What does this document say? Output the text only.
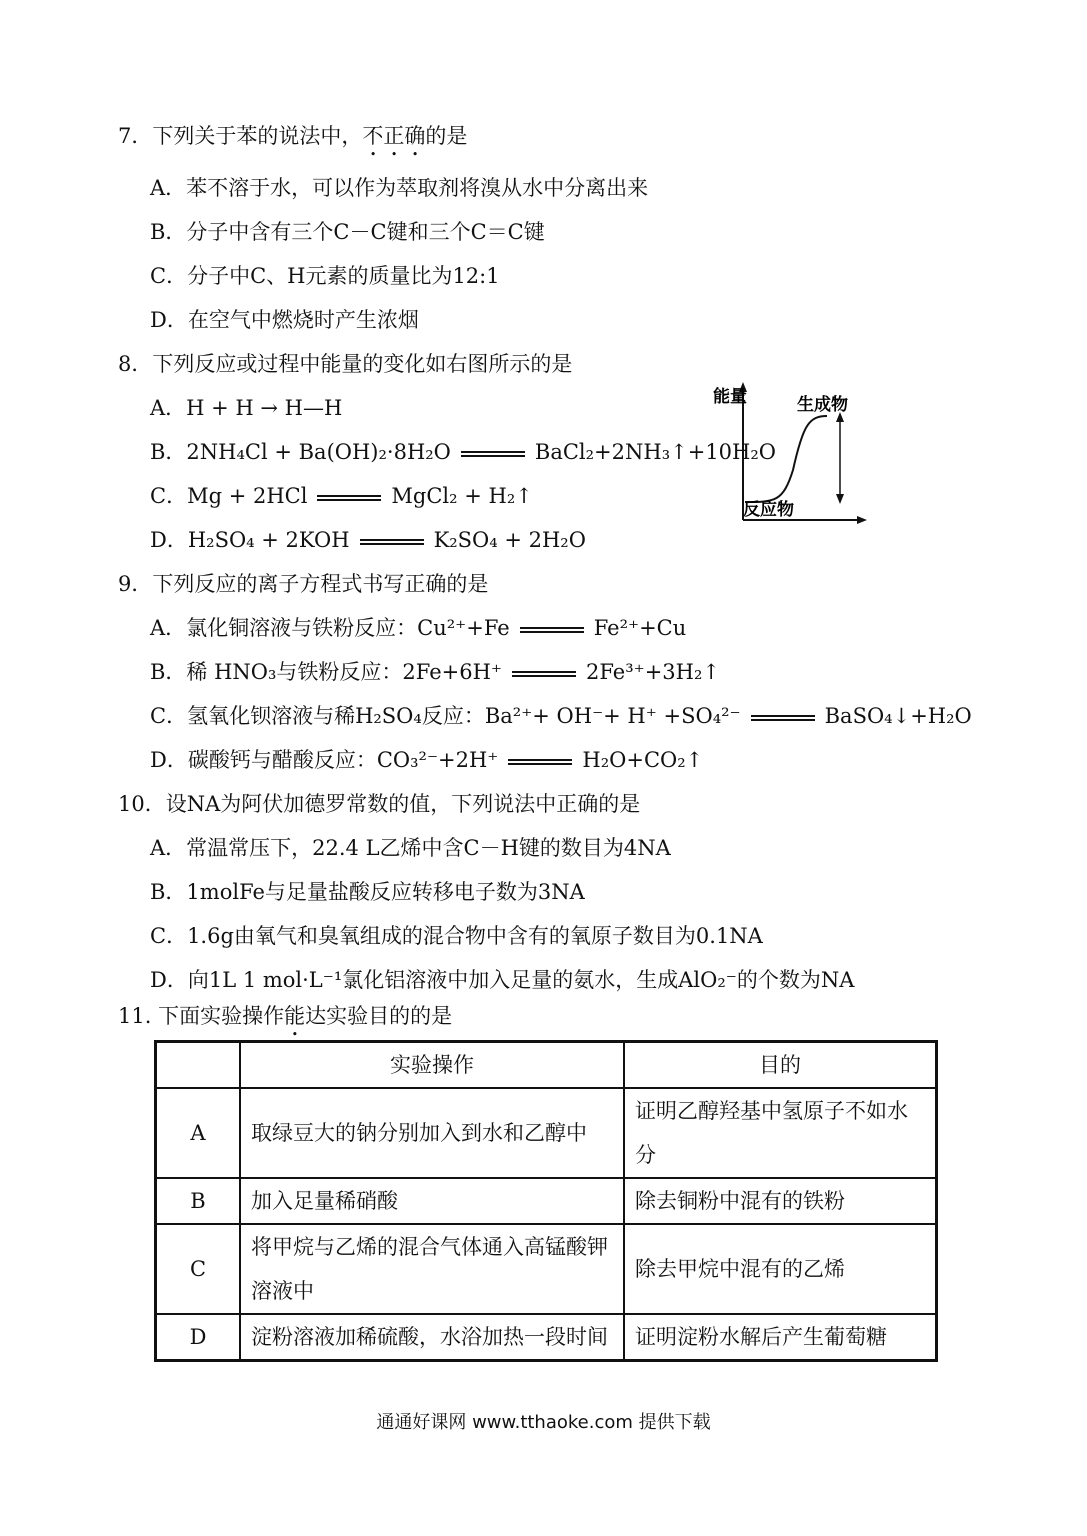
7．下列关于苯的说法中，不正确的是
A．苯不溶于水，可以作为萃取剂将溴从水中分离出来
B．分子中含有三个C－C键和三个C＝C键
C．分子中C、H元素的质量比为12:1
D．在空气中燃烧时产生浓烟
8．下列反应或过程中能量的变化如右图所示的是
A．H + H → H—H
B．2NH₄Cl + Ba(OH)₂·8H₂O	BaCl₂+2NH₃↑+10H₂O
C．Mg + 2HCl	MgCl₂ + H₂↑
D．H₂SO₄ + 2KOH	K₂SO₄ + 2H₂O
能量	生成物
反应物
9．下列反应的离子方程式书写正确的是
A．氯化铜溶液与铁粉反应：Cu²⁺+Fe	Fe²⁺+Cu
B．稀 HNO₃与铁粉反应：2Fe+6H⁺	2Fe³⁺+3H₂↑
C．氢氧化钡溶液与稀H₂SO₄反应：Ba²⁺+ OH⁻+ H⁺ +SO₄²⁻	BaSO₄↓+H₂O
D．碳酸钙与醋酸反应：CO₃²⁻+2H⁺	H₂O+CO₂↑
10．设NA为阿伏加德罗常数的值，下列说法中正确的是
A．常温常压下，22.4 L乙烯中含C－H键的数目为4NA
B．1molFe与足量盐酸反应转移电子数为3NA
C．1.6g由氧气和臭氧组成的混合物中含有的氧原子数目为0.1NA
D．向1L 1 mol·L⁻¹氯化铝溶液中加入足量的氨水，生成AlO₂⁻的个数为NA
11. 下面实验操作能达实验目的的是
	实验操作	目的
A	取绿豆大的钠分别加入到水和乙醇中	证明乙醇羟基中氢原子不如水分
B	加入足量稀硝酸	除去铜粉中混有的铁粉
C	将甲烷与乙烯的混合气体通入高锰酸钾溶液中	除去甲烷中混有的乙烯
D	淀粉溶液加稀硫酸，水浴加热一段时间	证明淀粉水解后产生葡萄糖
通通好课网 www.tthaoke.com 提供下载
